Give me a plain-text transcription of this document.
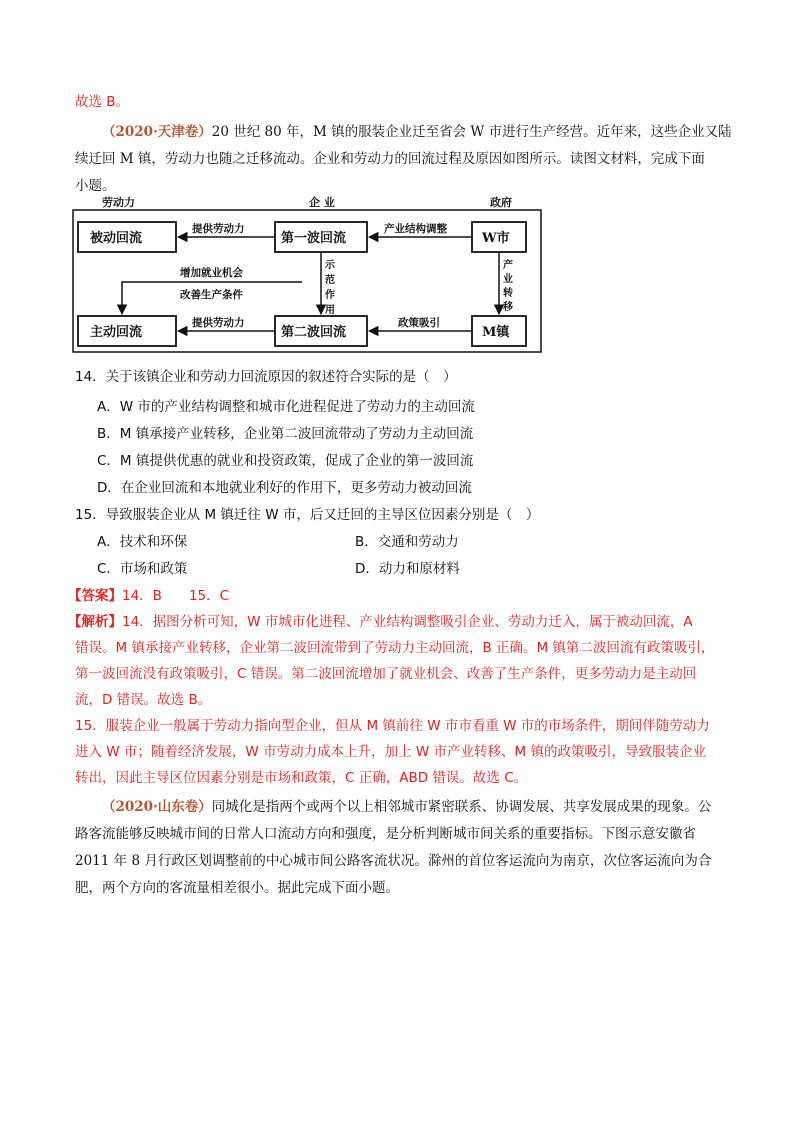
故选 B。
（2020·天津卷）20 世纪 80 年，M 镇的服装企业迁至省会 W 市进行生产经营。近年来，这些企业又陆
续迁回 M 镇，劳动力也随之迁移流动。企业和劳动力的回流过程及原因如图所示。读图文材料，完成下面
小题。
劳动力	企 业	政府
被动回流
主动回流
第一波回流
第二波回流
W市
M镇
提供劳动力
提供劳动力
产业结构调整
政策吸引
产
业
转
移
示
范
作
用
增加就业机会
改善生产条件
14．关于该镇企业和劳动力回流原因的叙述符合实际的是（　）
A．W 市的产业结构调整和城市化进程促进了劳动力的主动回流
B．M 镇承接产业转移，企业第二波回流带动了劳动力主动回流
C．M 镇提供优惠的就业和投资政策，促成了企业的第一波回流
D．在企业回流和本地就业利好的作用下，更多劳动力被动回流
15．导致服装企业从 M 镇迁往 W 市，后又迁回的主导区位因素分别是（　）
A．技术和环保	B．交通和劳动力
C．市场和政策	D．动力和原材料
【答案】14．B　　15．C
【解析】14．据图分析可知，W 市城市化进程、产业结构调整吸引企业、劳动力迁入，属于被动回流，A
错误。M 镇承接产业转移，企业第二波回流带到了劳动力主动回流，B 正确。M 镇第二波回流有政策吸引，
第一波回流没有政策吸引，C 错误。第二波回流增加了就业机会、改善了生产条件，更多劳动力是主动回
流，D 错误。故选 B。
15．服装企业一般属于劳动力指向型企业，但从 M 镇前往 W 市市看重 W 市的市场条件，期间伴随劳动力
进入 W 市；随着经济发展，W 市劳动力成本上升，加上 W 市产业转移、M 镇的政策吸引，导致服装企业
转出，因此主导区位因素分别是市场和政策，C 正确，ABD 错误。故选 C。
（2020·山东卷）同城化是指两个或两个以上相邻城市紧密联系、协调发展、共享发展成果的现象。公
路客流能够反映城市间的日常人口流动方向和强度，是分析判断城市间关系的重要指标。下图示意安徽省
2011 年 8 月行政区划调整前的中心城市间公路客流状况。滁州的首位客运流向为南京，次位客运流向为合
肥，两个方向的客流量相差很小。据此完成下面小题。
